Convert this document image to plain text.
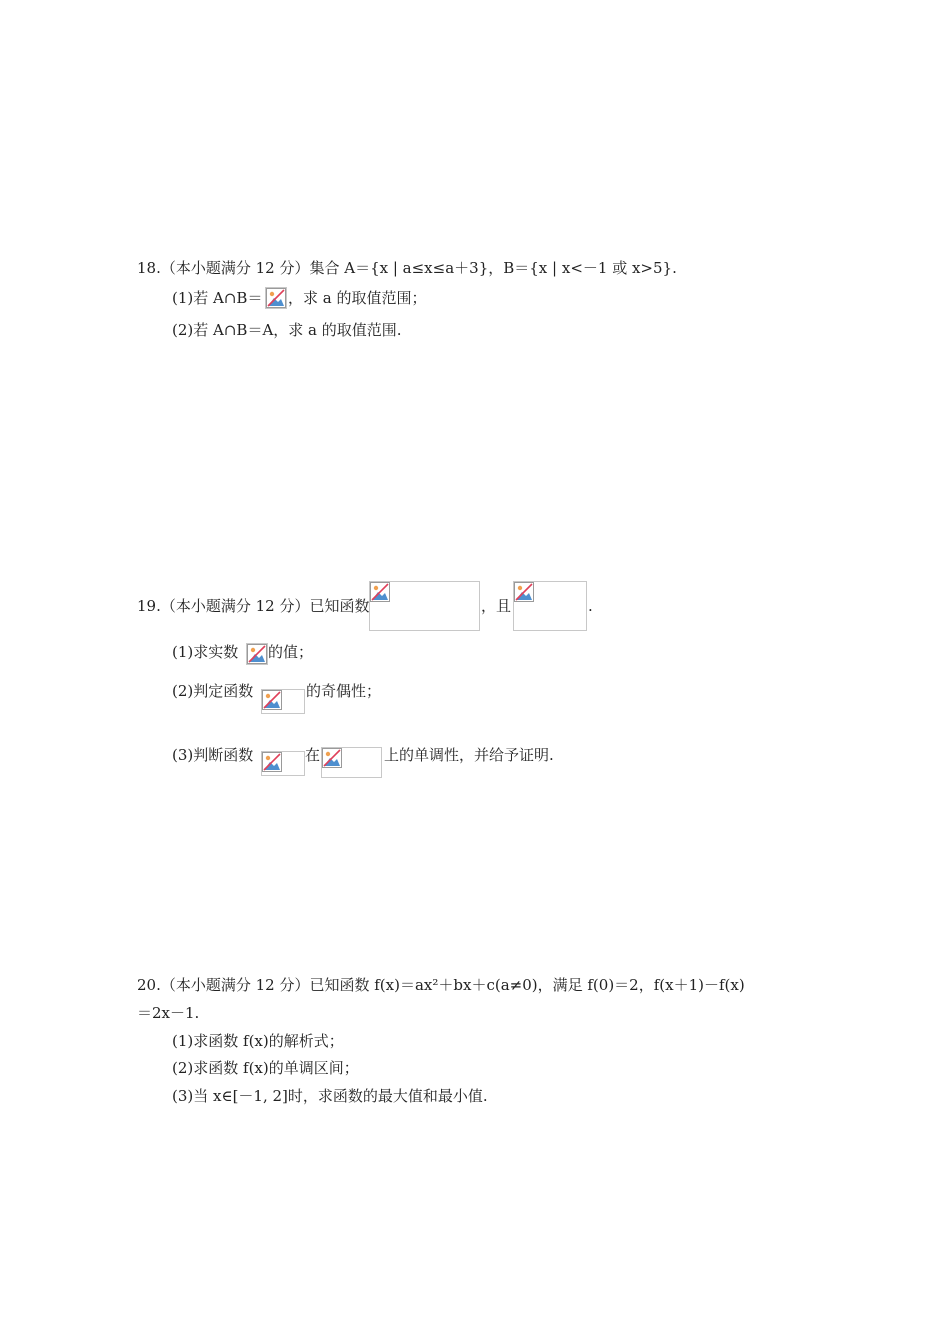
18.（本小题满分 12 分）集合 A＝{x | a≤x≤a＋3}，B＝{x | x<－1 或 x>5}.
(1)若 A∩B＝ ，求 a 的取值范围；
(2)若 A∩B＝A，求 a 的取值范围.
19.（本小题满分 12 分）已知函数	，且	.
(1)求实数 的值；
(2)判定函数	的奇偶性；
(3)判断函数	在	上的单调性，并给予证明.
20.（本小题满分 12 分）已知函数 f(x)＝ax²＋bx＋c(a≠0)，满足 f(0)＝2，f(x＋1)－f(x)
＝2x－1.
(1)求函数 f(x)的解析式；
(2)求函数 f(x)的单调区间；
(3)当 x∈[－1, 2]时，求函数的最大值和最小值.
